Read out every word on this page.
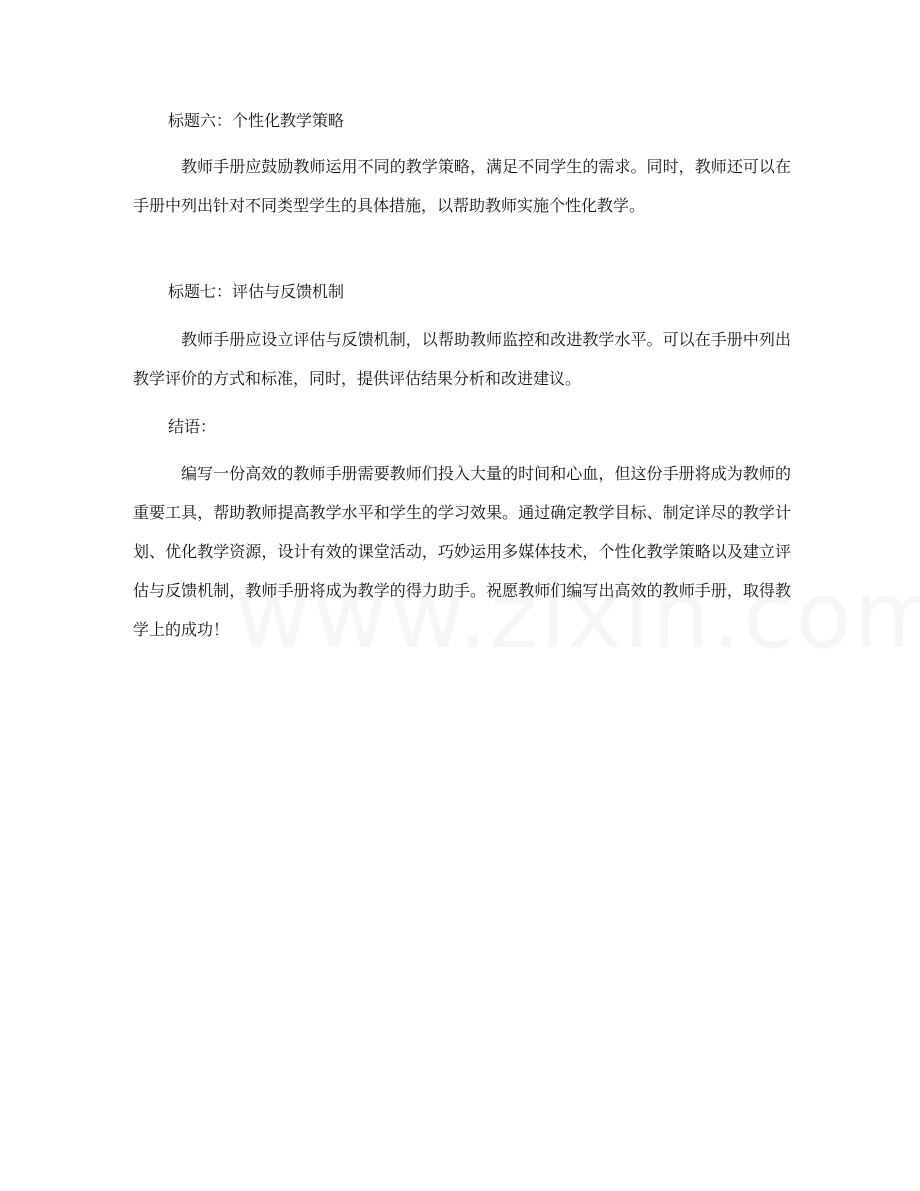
标题六：个性化教学策略
教师手册应鼓励教师运用不同的教学策略，满足不同学生的需求。同时，教师还可以在手册中列出针对不同类型学生的具体措施，以帮助教师实施个性化教学。
标题七：评估与反馈机制
教师手册应设立评估与反馈机制，以帮助教师监控和改进教学水平。可以在手册中列出教学评价的方式和标准，同时，提供评估结果分析和改进建议。
结语：
编写一份高效的教师手册需要教师们投入大量的时间和心血，但这份手册将成为教师的重要工具，帮助教师提高教学水平和学生的学习效果。通过确定教学目标、制定详尽的教学计划、优化教学资源，设计有效的课堂活动，巧妙运用多媒体技术，个性化教学策略以及建立评估与反馈机制，教师手册将成为教学的得力助手。祝愿教师们编写出高效的教师手册，取得教学上的成功！
